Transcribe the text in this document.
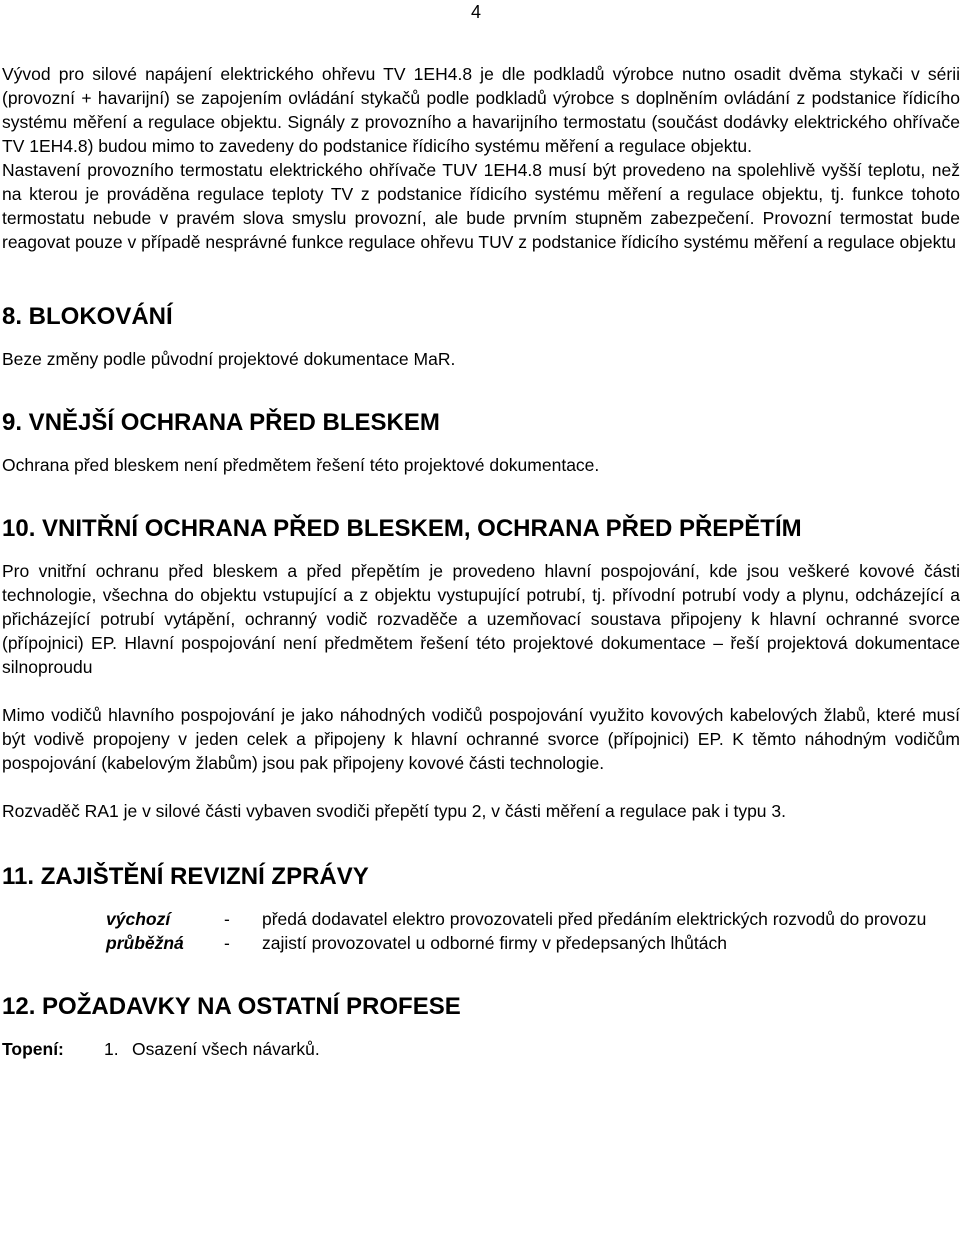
4

Vývod pro silové napájení elektrického ohřevu TV 1EH4.8 je dle podkladů výrobce nutno osadit dvěma stykači v sérii (provozní + havarijní) se zapojením ovládání stykačů podle podkladů výrobce s doplněním ovládání z podstanice řídicího systému měření a regulace objektu. Signály z provozního a havarijního termostatu (součást dodávky elektrického ohřívače TV 1EH4.8) budou mimo to zavedeny do podstanice řídicího systému měření a regulace objektu.

Nastavení provozního termostatu elektrického ohřívače TUV 1EH4.8 musí být provedeno na spolehlivě vyšší teplotu, než na kterou je prováděna regulace teploty TV z podstanice řídicího systému měření a regulace objektu, tj. funkce tohoto termostatu nebude v pravém slova smyslu provozní, ale bude prvním stupněm zabezpečení. Provozní termostat bude reagovat pouze v případě nesprávné funkce regulace ohřevu TUV z podstanice řídicího systému měření a regulace objektu

8. BLOKOVÁNÍ

Beze změny podle původní projektové dokumentace MaR.

9. VNĚJŠÍ OCHRANA PŘED BLESKEM

Ochrana před bleskem není předmětem řešení této projektové dokumentace.

10. VNITŘNÍ OCHRANA PŘED BLESKEM, OCHRANA PŘED PŘEPĚTÍM

Pro vnitřní ochranu před bleskem a před přepětím je provedeno hlavní pospojování, kde jsou veškeré kovové části technologie, všechna do objektu vstupující a z objektu vystupující potrubí, tj. přívodní potrubí vody a plynu, odcházející a přicházející potrubí vytápění, ochranný vodič rozvaděče a uzemňovací soustava připojeny k hlavní ochranné svorce (přípojnici) EP. Hlavní pospojování není předmětem řešení této projektové dokumentace – řeší projektová dokumentace silnoproudu

Mimo vodičů hlavního pospojování je jako náhodných vodičů pospojování využito kovových kabelových žlabů, které musí být vodivě propojeny v jeden celek a připojeny k hlavní ochranné svorce (přípojnici) EP. K těmto náhodným vodičům pospojování (kabelovým žlabům) jsou pak připojeny kovové části technologie.

Rozvaděč RA1 je v silové části vybaven svodiči přepětí typu 2, v části měření a regulace pak i typu 3.

11. ZAJIŠTĚNÍ REVIZNÍ ZPRÁVY

výchozí	-	předá dodavatel elektro provozovateli před předáním elektrických rozvodů do provozu
průběžná	-	zajistí provozovatel u odborné firmy v předepsaných lhůtách

12. POŽADAVKY NA OSTATNÍ PROFESE

Topení:	1. Osazení všech návarků.
